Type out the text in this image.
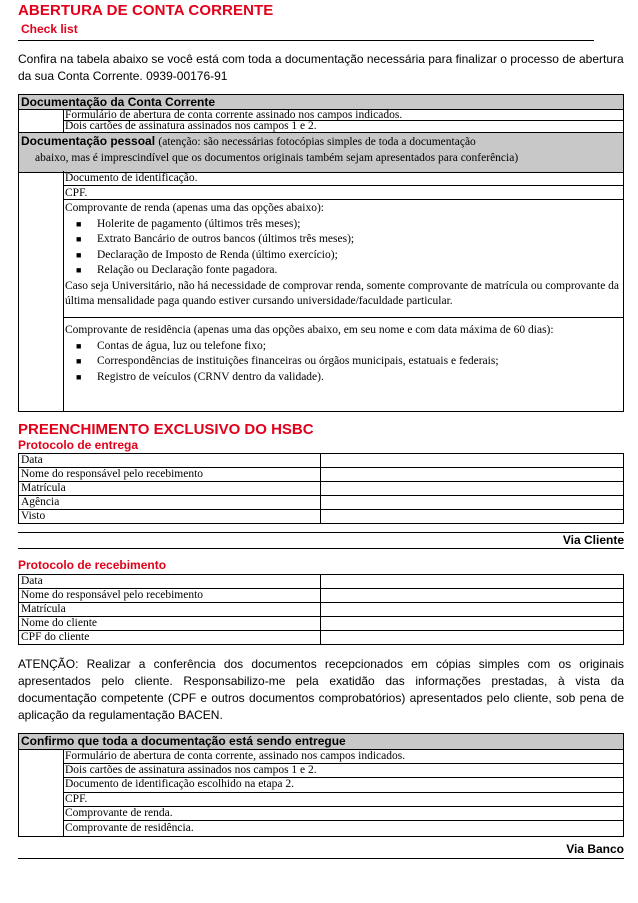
ABERTURA DE CONTA CORRENTE
Check list
Confira na tabela abaixo se você está com toda a documentação necessária para finalizar o processo de abertura da sua Conta Corrente. 0939-00176-91
Documentação da Conta Corrente
Formulário de abertura de conta corrente assinado nos campos indicados.
Dois cartões de assinatura assinados nos campos 1 e 2.
Documentação pessoal (atenção: são necessárias fotocópias simples de toda a documentação
abaixo, mas é imprescindível que os documentos originais também sejam apresentados para conferência)
Documento de identificação.
CPF.
Comprovante de renda (apenas uma das opções abaixo):
■ Holerite de pagamento (últimos três meses);
■ Extrato Bancário de outros bancos (últimos três meses);
■ Declaração de Imposto de Renda (último exercício);
■ Relação ou Declaração fonte pagadora.
Caso seja Universitário, não há necessidade de comprovar renda, somente comprovante de matrícula ou comprovante da última mensalidade paga quando estiver cursando universidade/faculdade particular.
Comprovante de residência (apenas uma das opções abaixo, em seu nome e com data máxima de 60 dias):
■ Contas de água, luz ou telefone fixo;
■ Correspondências de instituições financeiras ou órgãos municipais, estatuais e federais;
■ Registro de veículos (CRNV dentro da validade).
PREENCHIMENTO EXCLUSIVO DO HSBC
Protocolo de entrega
Data	
Nome do responsável pelo recebimento	
Matrícula	
Agência	
Visto	
Via Cliente
Protocolo de recebimento
Data	
Nome do responsável pelo recebimento	
Matrícula	
Nome do cliente	
CPF do cliente	
ATENÇÃO: Realizar a conferência dos documentos recepcionados em cópias simples com os originais apresentados pelo cliente. Responsabilizo-me pela exatidão das informações prestadas, à vista da documentação competente (CPF e outros documentos comprobatórios) apresentados pelo cliente, sob pena de aplicação da regulamentação BACEN.
Confirmo que toda a documentação está sendo entregue
Formulário de abertura de conta corrente, assinado nos campos indicados.
Dois cartões de assinatura assinados nos campos 1 e 2.
Documento de identificação escolhido na etapa 2.
CPF.
Comprovante de renda.
Comprovante de residência.
Via Banco
